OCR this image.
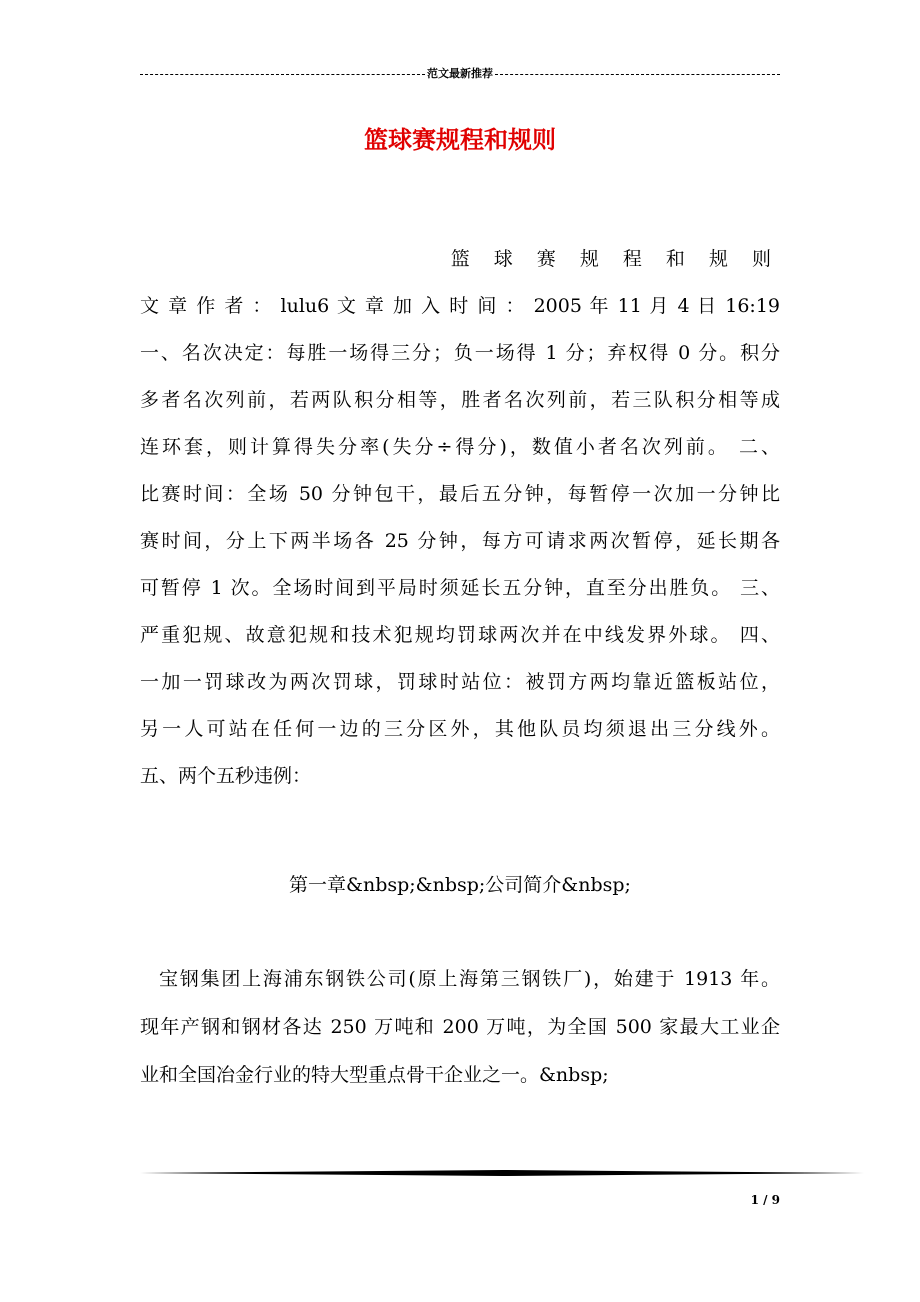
范文最新推荐
篮球赛规程和规则
篮 球 赛 规 程 和 规 则
文 章 作 者 ： lulu6 文 章 加 入 时 间 ： 2005 年 11 月 4 日 16:19
一、名次决定：每胜一场得三分；负一场得 1 分；弃权得 0 分。积分
多者名次列前，若两队积分相等，胜者名次列前，若三队积分相等成
连环套，则计算得失分率(失分÷得分)，数值小者名次列前。 二、
比赛时间：全场 50 分钟包干，最后五分钟，每暂停一次加一分钟比
赛时间，分上下两半场各 25 分钟，每方可请求两次暂停，延长期各
可暂停 1 次。全场时间到平局时须延长五分钟，直至分出胜负。 三、
严重犯规、故意犯规和技术犯规均罚球两次并在中线发界外球。 四、
一加一罚球改为两次罚球，罚球时站位：被罚方两均靠近篮板站位，
另一人可站在任何一边的三分区外，其他队员均须退出三分线外。
五、两个五秒违例：
第一章&nbsp;&nbsp;公司简介&nbsp;
宝钢集团上海浦东钢铁公司(原上海第三钢铁厂)，始建于 1913 年。
现年产钢和钢材各达 250 万吨和 200 万吨，为全国 500 家最大工业企
业和全国冶金行业的特大型重点骨干企业之一。&nbsp;
1 / 9
